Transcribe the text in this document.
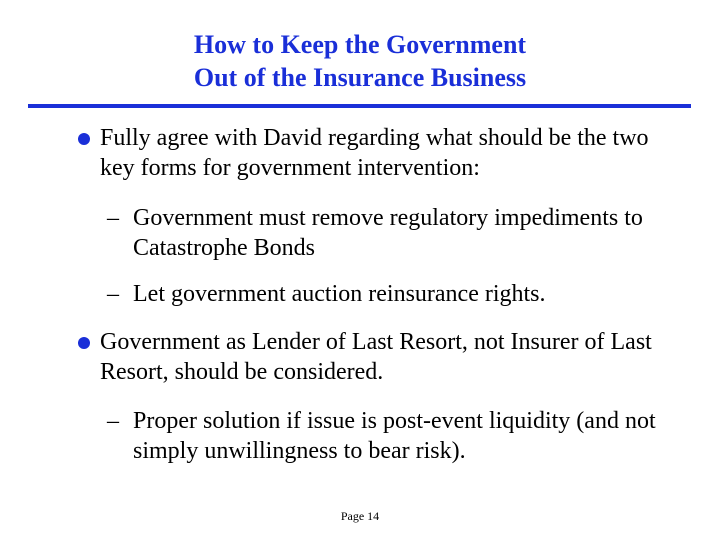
How to Keep the Government
Out of the Insurance Business
Fully agree with David regarding what should be the two key forms for government intervention:
– Government must remove regulatory impediments to Catastrophe Bonds
– Let government auction reinsurance rights.
Government as Lender of Last Resort, not Insurer of Last Resort, should be considered.
– Proper solution if issue is post-event liquidity (and not simply unwillingness to bear risk).
Page 14
